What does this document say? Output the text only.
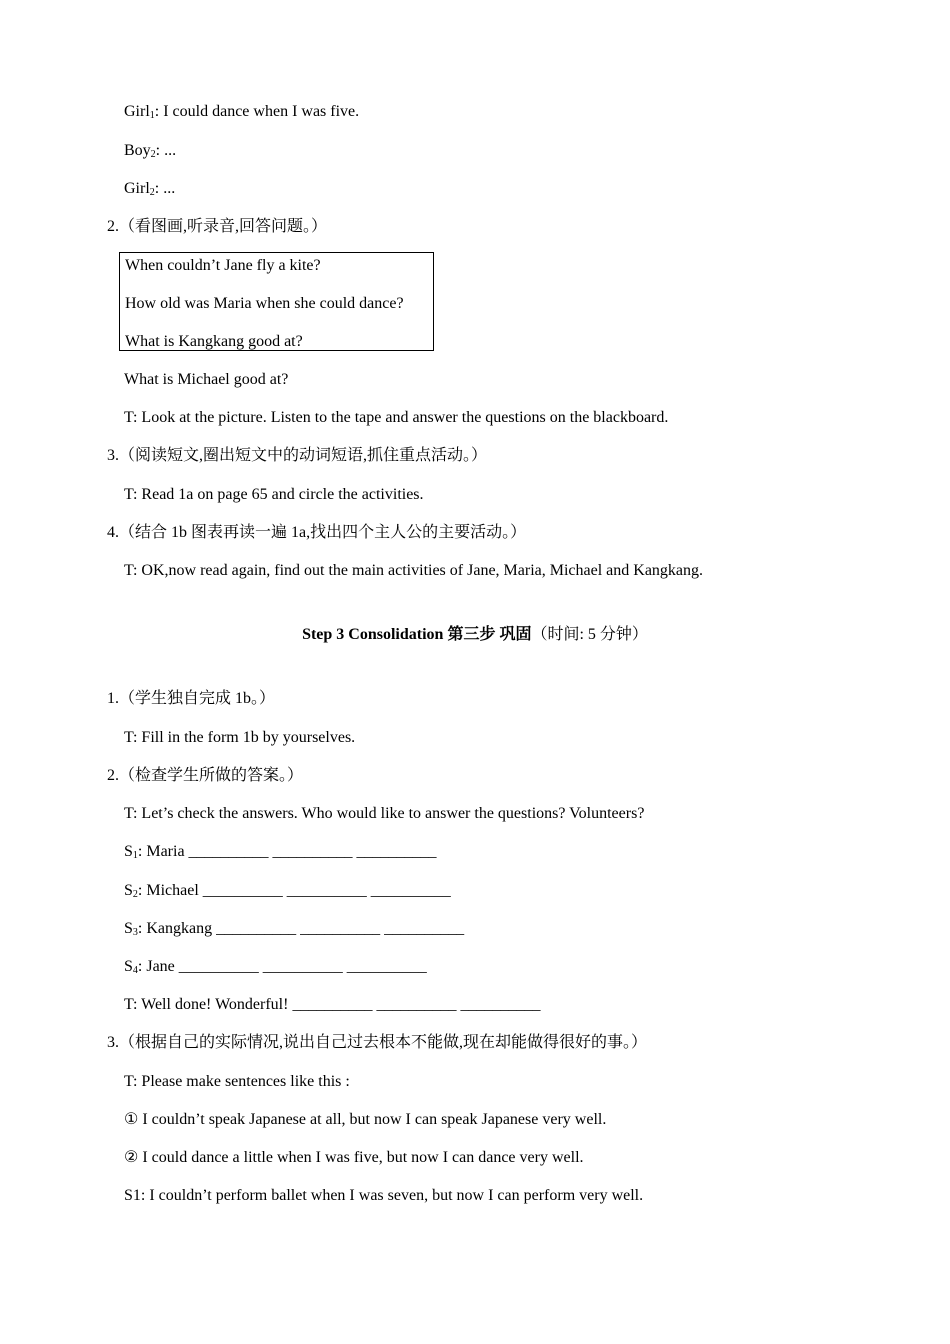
Girl$_1$: I could dance when I was five.
Boy$_2$: ...
Girl$_2$: ...
2.（看图画,听录音,回答问题。）
When couldn’t Jane fly a kite?
How old was Maria when she could dance?
What is Kangkang good at?
What is Michael good at?
T: Look at the picture. Listen to the tape and answer the questions on the blackboard.
3.（阅读短文,圈出短文中的动词短语,抓住重点活动。）
T: Read 1a on page 65 and circle the activities.
4.（结合 1b 图表再读一遍 1a,找出四个主人公的主要活动。）
T: OK,now read again, find out the main activities of Jane, Maria, Michael and Kangkang.
Step 3 Consolidation 第三步 巩固（时间: 5 分钟）
1.（学生独自完成 1b。）
T: Fill in the form 1b by yourselves.
2.（检查学生所做的答案。）
T: Let’s check the answers. Who would like to answer the questions? Volunteers?
$S_1$: Maria __________ __________ __________
$S_2$: Michael __________ __________ __________
$S_3$: Kangkang __________ __________ __________
$S_4$: Jane __________ __________ __________
T: Well done! Wonderful! __________ __________ __________
3.（根据自己的实际情况,说出自己过去根本不能做,现在却能做得很好的事。）
T: Please make sentences like this :
① I couldn’t speak Japanese at all, but now I can speak Japanese very well.
② I could dance a little when I was five, but now I can dance very well.
S1: I couldn’t perform ballet when I was seven, but now I can perform very well.
